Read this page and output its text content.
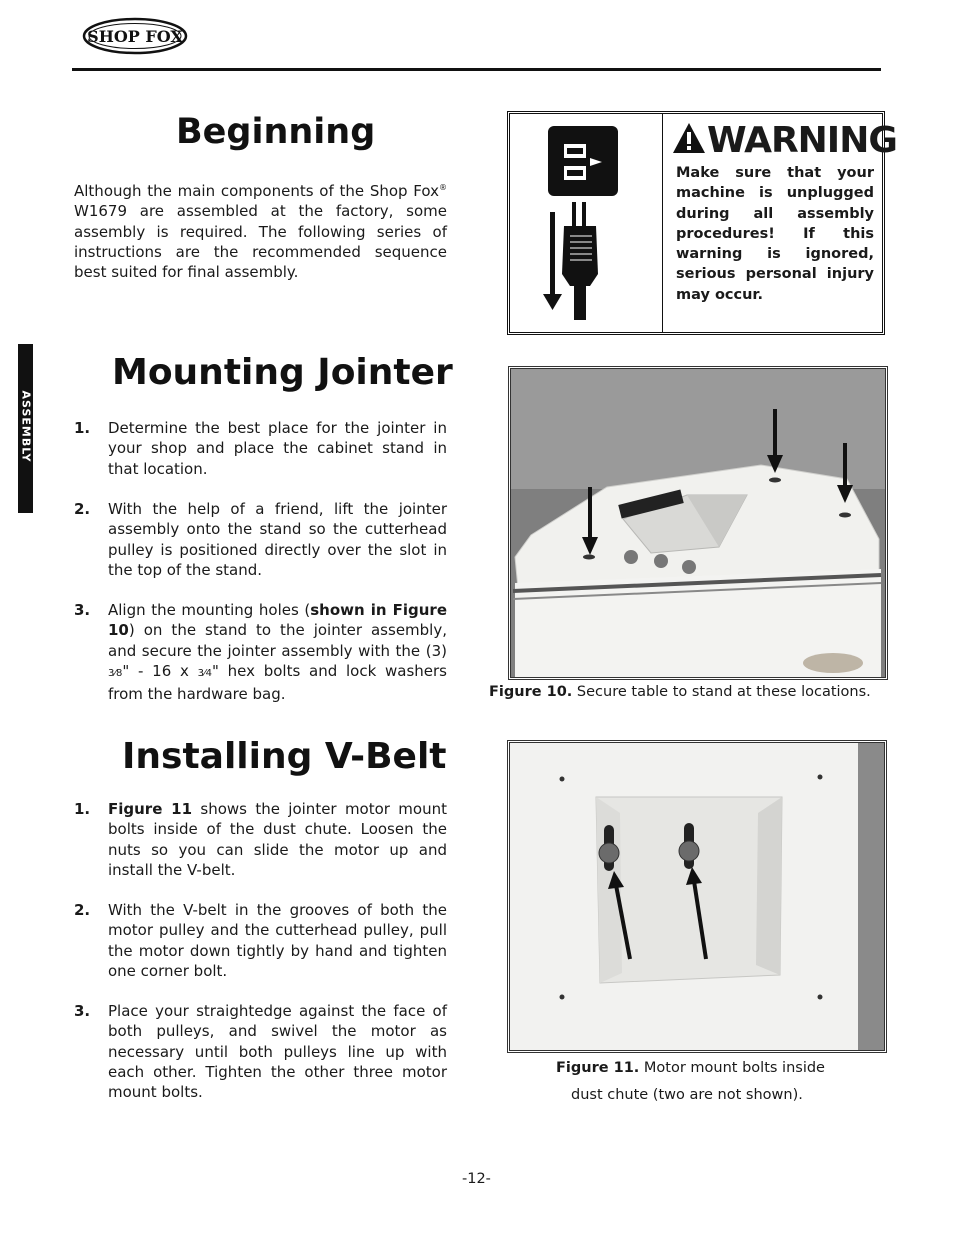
SHOP FOX
ASSEMBLY
Beginning
Although the main components of the Shop Fox® W1679 are assembled at the factory, some assembly is required. The following series of instructions are the recommended sequence best suited for final assembly.
WARNING
Make sure that your machine is unplugged during all assembly procedures! If this warning is ignored, serious personal injury may occur.
Mounting Jointer
1. Determine the best place for the jointer in your shop and place the cabinet stand in that location.
2. With the help of a friend, lift the jointer assembly onto the stand so the cutterhead pulley is positioned directly over the slot in the top of the stand.
3. Align the mounting holes (shown in Figure 10) on the stand to the jointer assembly, and secure the jointer assembly with the (3) 3⁄8" - 16 x 3⁄4" hex bolts and lock washers from the hardware bag.	Figure 10. Secure table to stand at these locations.
Installing V-Belt
1. Figure 11 shows the jointer motor mount bolts inside of the dust chute. Loosen the nuts so you can slide the motor up and install the V-belt.
2. With the V-belt in the grooves of both the motor pulley and the cutterhead pulley, pull the motor down tightly by hand and tighten one corner bolt.
3. Place your straightedge against the face of both pulleys, and swivel the motor as necessary until both pulleys line up with each other. Tighten the other three motor mount bolts.
Figure 11. Motor mount bolts inside
dust chute (two are not shown).
-12-
